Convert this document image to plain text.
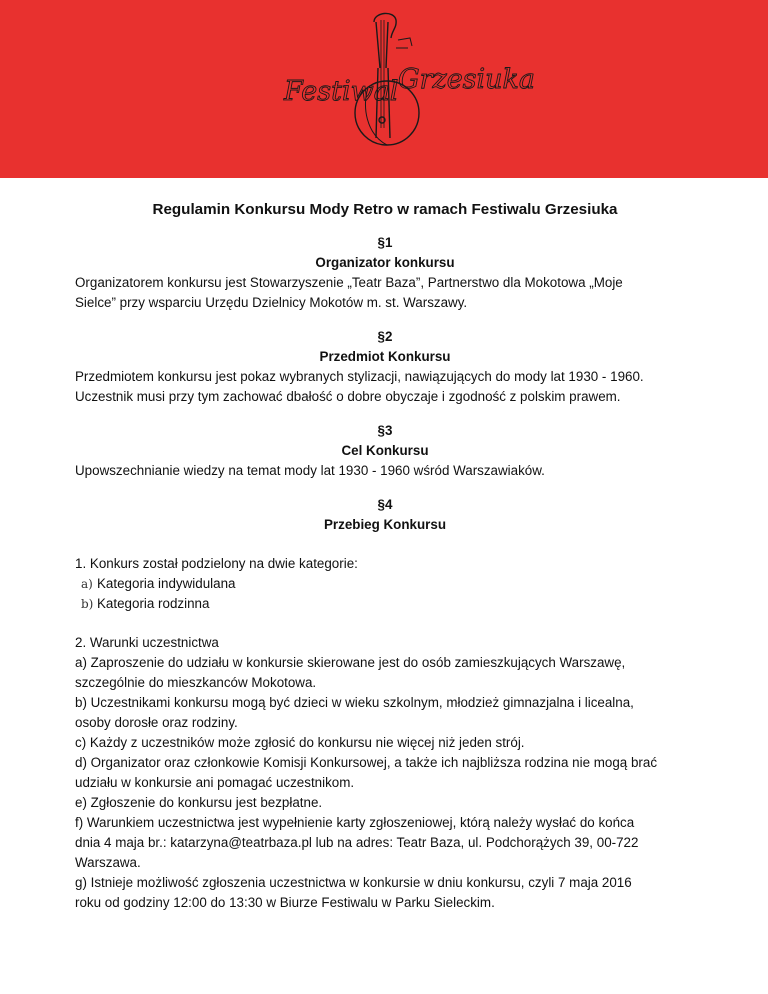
Festiwal Grzesiuka
Regulamin Konkursu Mody Retro w ramach Festiwalu Grzesiuka

§1

Organizator konkursu

Organizatorem konkursu jest Stowarzyszenie „Teatr Baza”, Partnerstwo dla Mokotowa „Moje

Sielce” przy wsparciu Urzędu Dzielnicy Mokotów m. st. Warszawy.

§2

Przedmiot Konkursu

Przedmiotem konkursu jest pokaz wybranych stylizacji, nawiązujących do mody lat 1930 - 1960.

Uczestnik musi przy tym zachować dbałość o dobre obyczaje i zgodność z polskim prawem.

§3

Cel Konkursu

Upowszechnianie wiedzy na temat mody lat 1930 - 1960 wśród Warszawiaków.

§4

Przebieg Konkursu

1. Konkurs został podzielony na dwie kategorie:

a) Kategoria indywidulana

b) Kategoria rodzinna

2. Warunki uczestnictwa

a) Zaproszenie do udziału w konkursie skierowane jest do osób zamieszkujących Warszawę,

szczególnie do mieszkanców Mokotowa.

b) Uczestnikami konkursu mogą być dzieci w wieku szkolnym, młodzież gimnazjalna i licealna,

osoby dorosłe oraz rodziny.

c) Każdy z uczestników może zgłosić do konkursu nie więcej niż jeden strój.

d) Organizator oraz członkowie Komisji Konkursowej, a także ich najbliższa rodzina nie mogą brać

udziału w konkursie ani pomagać uczestnikom.

e) Zgłoszenie do konkursu jest bezpłatne.

f) Warunkiem uczestnictwa jest wypełnienie karty zgłoszeniowej, którą należy wysłać do końca

dnia 4 maja br.: katarzyna@teatrbaza.pl lub na adres: Teatr Baza, ul. Podchorążych 39, 00-722

Warszawa.

g) Istnieje możliwość zgłoszenia uczestnictwa w konkursie w dniu konkursu, czyli 7 maja 2016

roku od godziny 12:00 do 13:30 w Biurze Festiwalu w Parku Sieleckim.
